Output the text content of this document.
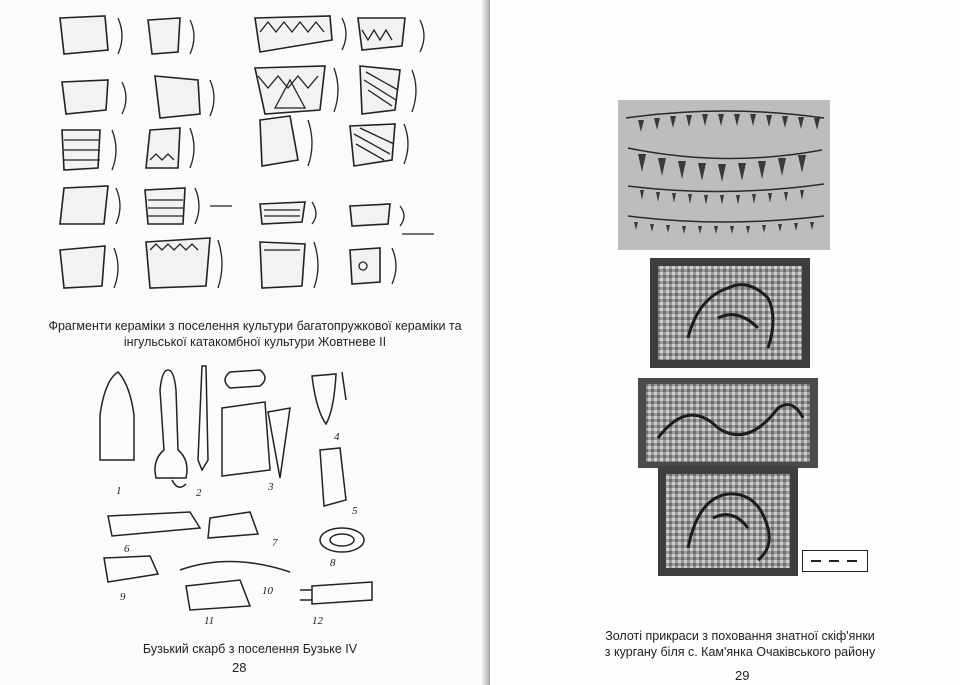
Фрагменти кераміки з поселення культури багатопружкової кераміки та інгульської катакомбної культури Жовтневе II
1	2	3
4
5
6	7
8
9	10
11	12
Бузький скарб з поселення Бузьке IV
28
Золоті прикраси з поховання знатної скіф'янки
з кургану біля с. Кам'янка Очаківського району
29
